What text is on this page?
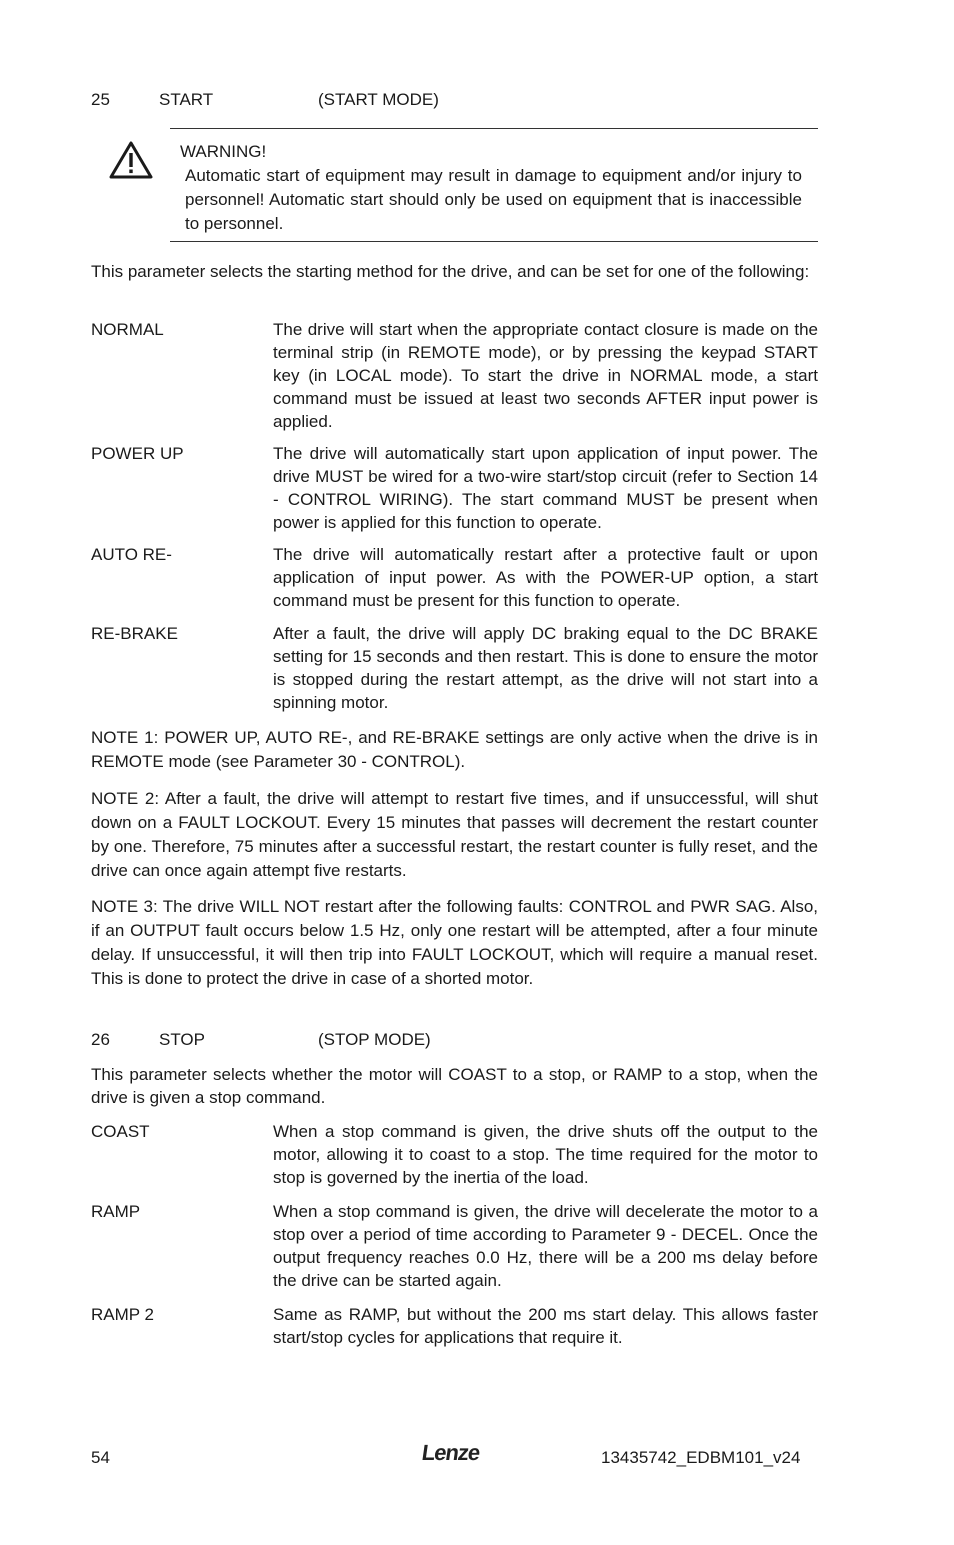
25	START	(START MODE)
WARNING!
Automatic start of equipment may result in damage to equipment and/or injury to personnel! Automatic start should only be used on equipment that is inaccessible to personnel.
This parameter selects the starting method for the drive, and can be set for one of the following:
NORMAL	The drive will start when the appropriate contact closure is made on the terminal strip (in REMOTE mode), or by pressing the keypad START key (in LOCAL mode). To start the drive in NORMAL mode, a start command must be issued at least two seconds AFTER input power is applied.
POWER UP	The drive will automatically start upon application of input power. The drive MUST be wired for a two-wire start/stop circuit (refer to Section 14 - CONTROL WIRING). The start command MUST be present when power is applied for this function to operate.
AUTO RE-	The drive will automatically restart after a protective fault or upon application of input power. As with the POWER-UP option, a start command must be present for this function to operate.
RE-BRAKE	After a fault, the drive will apply DC braking equal to the DC BRAKE setting for 15 seconds and then restart. This is done to ensure the motor is stopped during the restart attempt, as the drive will not start into a spinning motor.
NOTE 1: POWER UP, AUTO RE-, and RE-BRAKE settings are only active when the drive is in REMOTE mode (see Parameter 30 - CONTROL).
NOTE 2: After a fault, the drive will attempt to restart five times, and if unsuccessful, will shut down on a FAULT LOCKOUT. Every 15 minutes that passes will decrement the restart counter by one. Therefore, 75 minutes after a successful restart, the restart counter is fully reset, and the drive can once again attempt five restarts.
NOTE 3: The drive WILL NOT restart after the following faults: CONTROL and PWR SAG. Also, if an OUTPUT fault occurs below 1.5 Hz, only one restart will be attempted, after a four minute delay. If unsuccessful, it will then trip into FAULT LOCKOUT, which will require a manual reset. This is done to protect the drive in case of a shorted motor.
26	STOP	(STOP MODE)
This parameter selects whether the motor will COAST to a stop, or RAMP to a stop, when the drive is given a stop command.
COAST	When a stop command is given, the drive shuts off the output to the motor, allowing it to coast to a stop. The time required for the motor to stop is governed by the inertia of the load.
RAMP	When a stop command is given, the drive will decelerate the motor to a stop over a period of time according to Parameter 9 - DECEL. Once the output frequency reaches 0.0 Hz, there will be a 200 ms delay before the drive can be started again.
RAMP 2	Same as RAMP, but without the 200 ms start delay. This allows faster start/stop cycles for applications that require it.
54	Lenze	13435742_EDBM101_v24
